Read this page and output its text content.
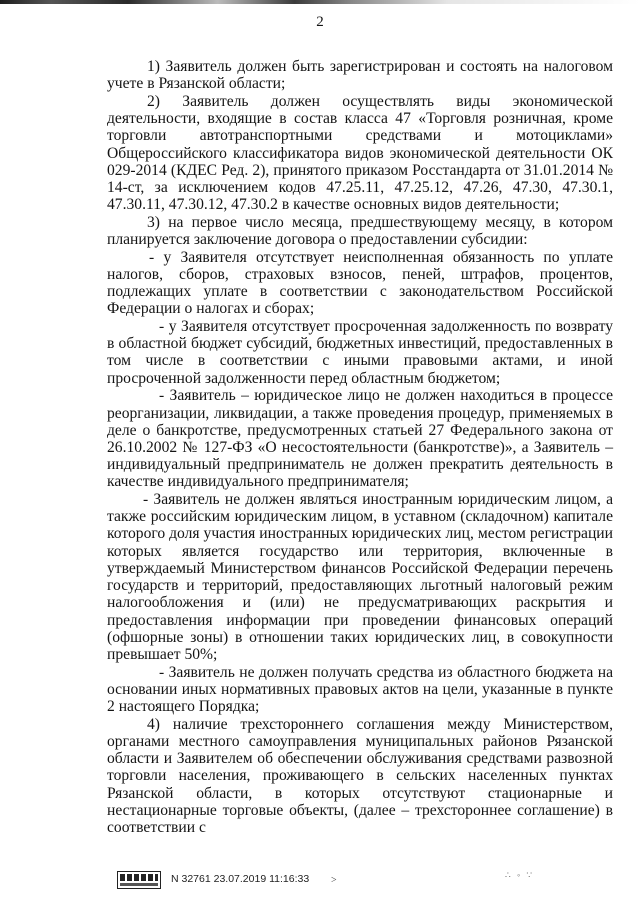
2

1) Заявитель должен быть зарегистрирован и состоять на налоговом учете в Рязанской области;

2) Заявитель должен осуществлять виды экономической деятельности, входящие в состав класса 47 «Торговля розничная, кроме торговли автотранспортными средствами и мотоциклами» Общероссийского классификатора видов экономической деятельности ОК 029-2014 (КДЕС Ред. 2), принятого приказом Росстандарта от 31.01.2014 № 14-ст, за исключением кодов 47.25.11, 47.25.12, 47.26, 47.30, 47.30.1, 47.30.11, 47.30.12, 47.30.2 в качестве основных видов деятельности;

3) на первое число месяца, предшествующему месяцу, в котором планируется заключение договора о предоставлении субсидии:

- у Заявителя отсутствует неисполненная обязанность по уплате налогов, сборов, страховых взносов, пеней, штрафов, процентов, подлежащих уплате в соответствии с законодательством Российской Федерации о налогах и сборах;

- у Заявителя отсутствует просроченная задолженность по возврату в областной бюджет субсидий, бюджетных инвестиций, предоставленных в том числе в соответствии с иными правовыми актами, и иной просроченной задолженности перед областным бюджетом;

- Заявитель – юридическое лицо не должен находиться в процессе реорганизации, ликвидации, а также проведения процедур, применяемых в деле о банкротстве, предусмотренных статьей 27 Федерального закона от 26.10.2002 № 127-ФЗ «О несостоятельности (банкротстве)», а Заявитель – индивидуальный предприниматель не должен прекратить деятельность в качестве индивидуального предпринимателя;

- Заявитель не должен являться иностранным юридическим лицом, а также российским юридическим лицом, в уставном (складочном) капитале которого доля участия иностранных юридических лиц, местом регистрации которых является государство или территория, включенные в утверждаемый Министерством финансов Российской Федерации перечень государств и территорий, предоставляющих льготный налоговый режим налогообложения и (или) не предусматривающих раскрытия и предоставления информации при проведении финансовых операций (офшорные зоны) в отношении таких юридических лиц, в совокупности превышает 50%;

- Заявитель не должен получать средства из областного бюджета на основании иных нормативных правовых актов на цели, указанные в пункте 2 настоящего Порядка;

4) наличие трехстороннего соглашения между Министерством, органами местного самоуправления муниципальных районов Рязанской области и Заявителем об обеспечении обслуживания средствами развозной торговли населения, проживающего в сельских населенных пунктах Рязанской области, в которых отсутствуют стационарные и нестационарные торговые объекты, (далее – трехстороннее соглашение) в соответствии с

N 32761 23.07.2019 11:16:33 ˃	∴ ◦ ∵
